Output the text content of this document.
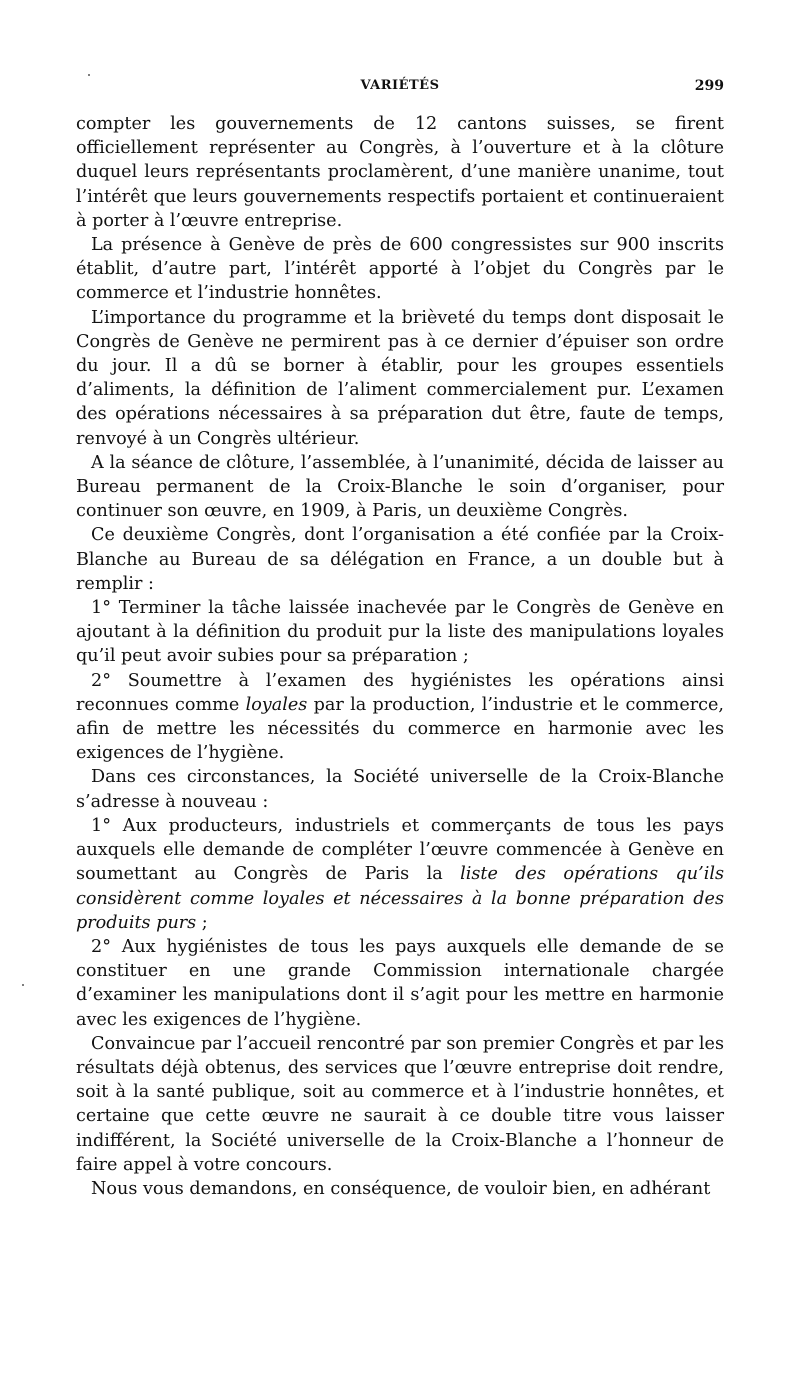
VARIÉTÉS	299

compter les gouvernements de 12 cantons suisses, se firent officiellement représenter au Congrès, à l’ouverture et à la clôture duquel leurs représentants proclamèrent, d’une manière unanime, tout l’intérêt que leurs gouvernements respectifs portaient et continueraient à porter à l’œuvre entreprise.

La présence à Genève de près de 600 congressistes sur 900 inscrits établit, d’autre part, l’intérêt apporté à l’objet du Congrès par le commerce et l’industrie honnêtes.

L’importance du programme et la brièveté du temps dont disposait le Congrès de Genève ne permirent pas à ce dernier d’épuiser son ordre du jour. Il a dû se borner à établir, pour les groupes essentiels d’aliments, la définition de l’aliment commercialement pur. L’examen des opérations nécessaires à sa préparation dut être, faute de temps, renvoyé à un Congrès ultérieur.

A la séance de clôture, l’assemblée, à l’unanimité, décida de laisser au Bureau permanent de la Croix-Blanche le soin d’organiser, pour continuer son œuvre, en 1909, à Paris, un deuxième Congrès.

Ce deuxième Congrès, dont l’organisation a été confiée par la Croix-Blanche au Bureau de sa délégation en France, a un double but à remplir :

1° Terminer la tâche laissée inachevée par le Congrès de Genève en ajoutant à la définition du produit pur la liste des manipulations loyales qu’il peut avoir subies pour sa préparation ;

2° Soumettre à l’examen des hygiénistes les opérations ainsi reconnues comme loyales par la production, l’industrie et le commerce, afin de mettre les nécessités du commerce en harmonie avec les exigences de l’hygiène.

Dans ces circonstances, la Société universelle de la Croix-Blanche s’adresse à nouveau :

1° Aux producteurs, industriels et commerçants de tous les pays auxquels elle demande de compléter l’œuvre commencée à Genève en soumettant au Congrès de Paris la liste des opérations qu’ils considèrent comme loyales et nécessaires à la bonne préparation des produits purs ;

2° Aux hygiénistes de tous les pays auxquels elle demande de se constituer en une grande Commission internationale chargée d’examiner les manipulations dont il s’agit pour les mettre en harmonie avec les exigences de l’hygiène.

Convaincue par l’accueil rencontré par son premier Congrès et par les résultats déjà obtenus, des services que l’œuvre entreprise doit rendre, soit à la santé publique, soit au commerce et à l’industrie honnêtes, et certaine que cette œuvre ne saurait à ce double titre vous laisser indifférent, la Société universelle de la Croix-Blanche a l’honneur de faire appel à votre concours.

Nous vous demandons, en conséquence, de vouloir bien, en adhérant
